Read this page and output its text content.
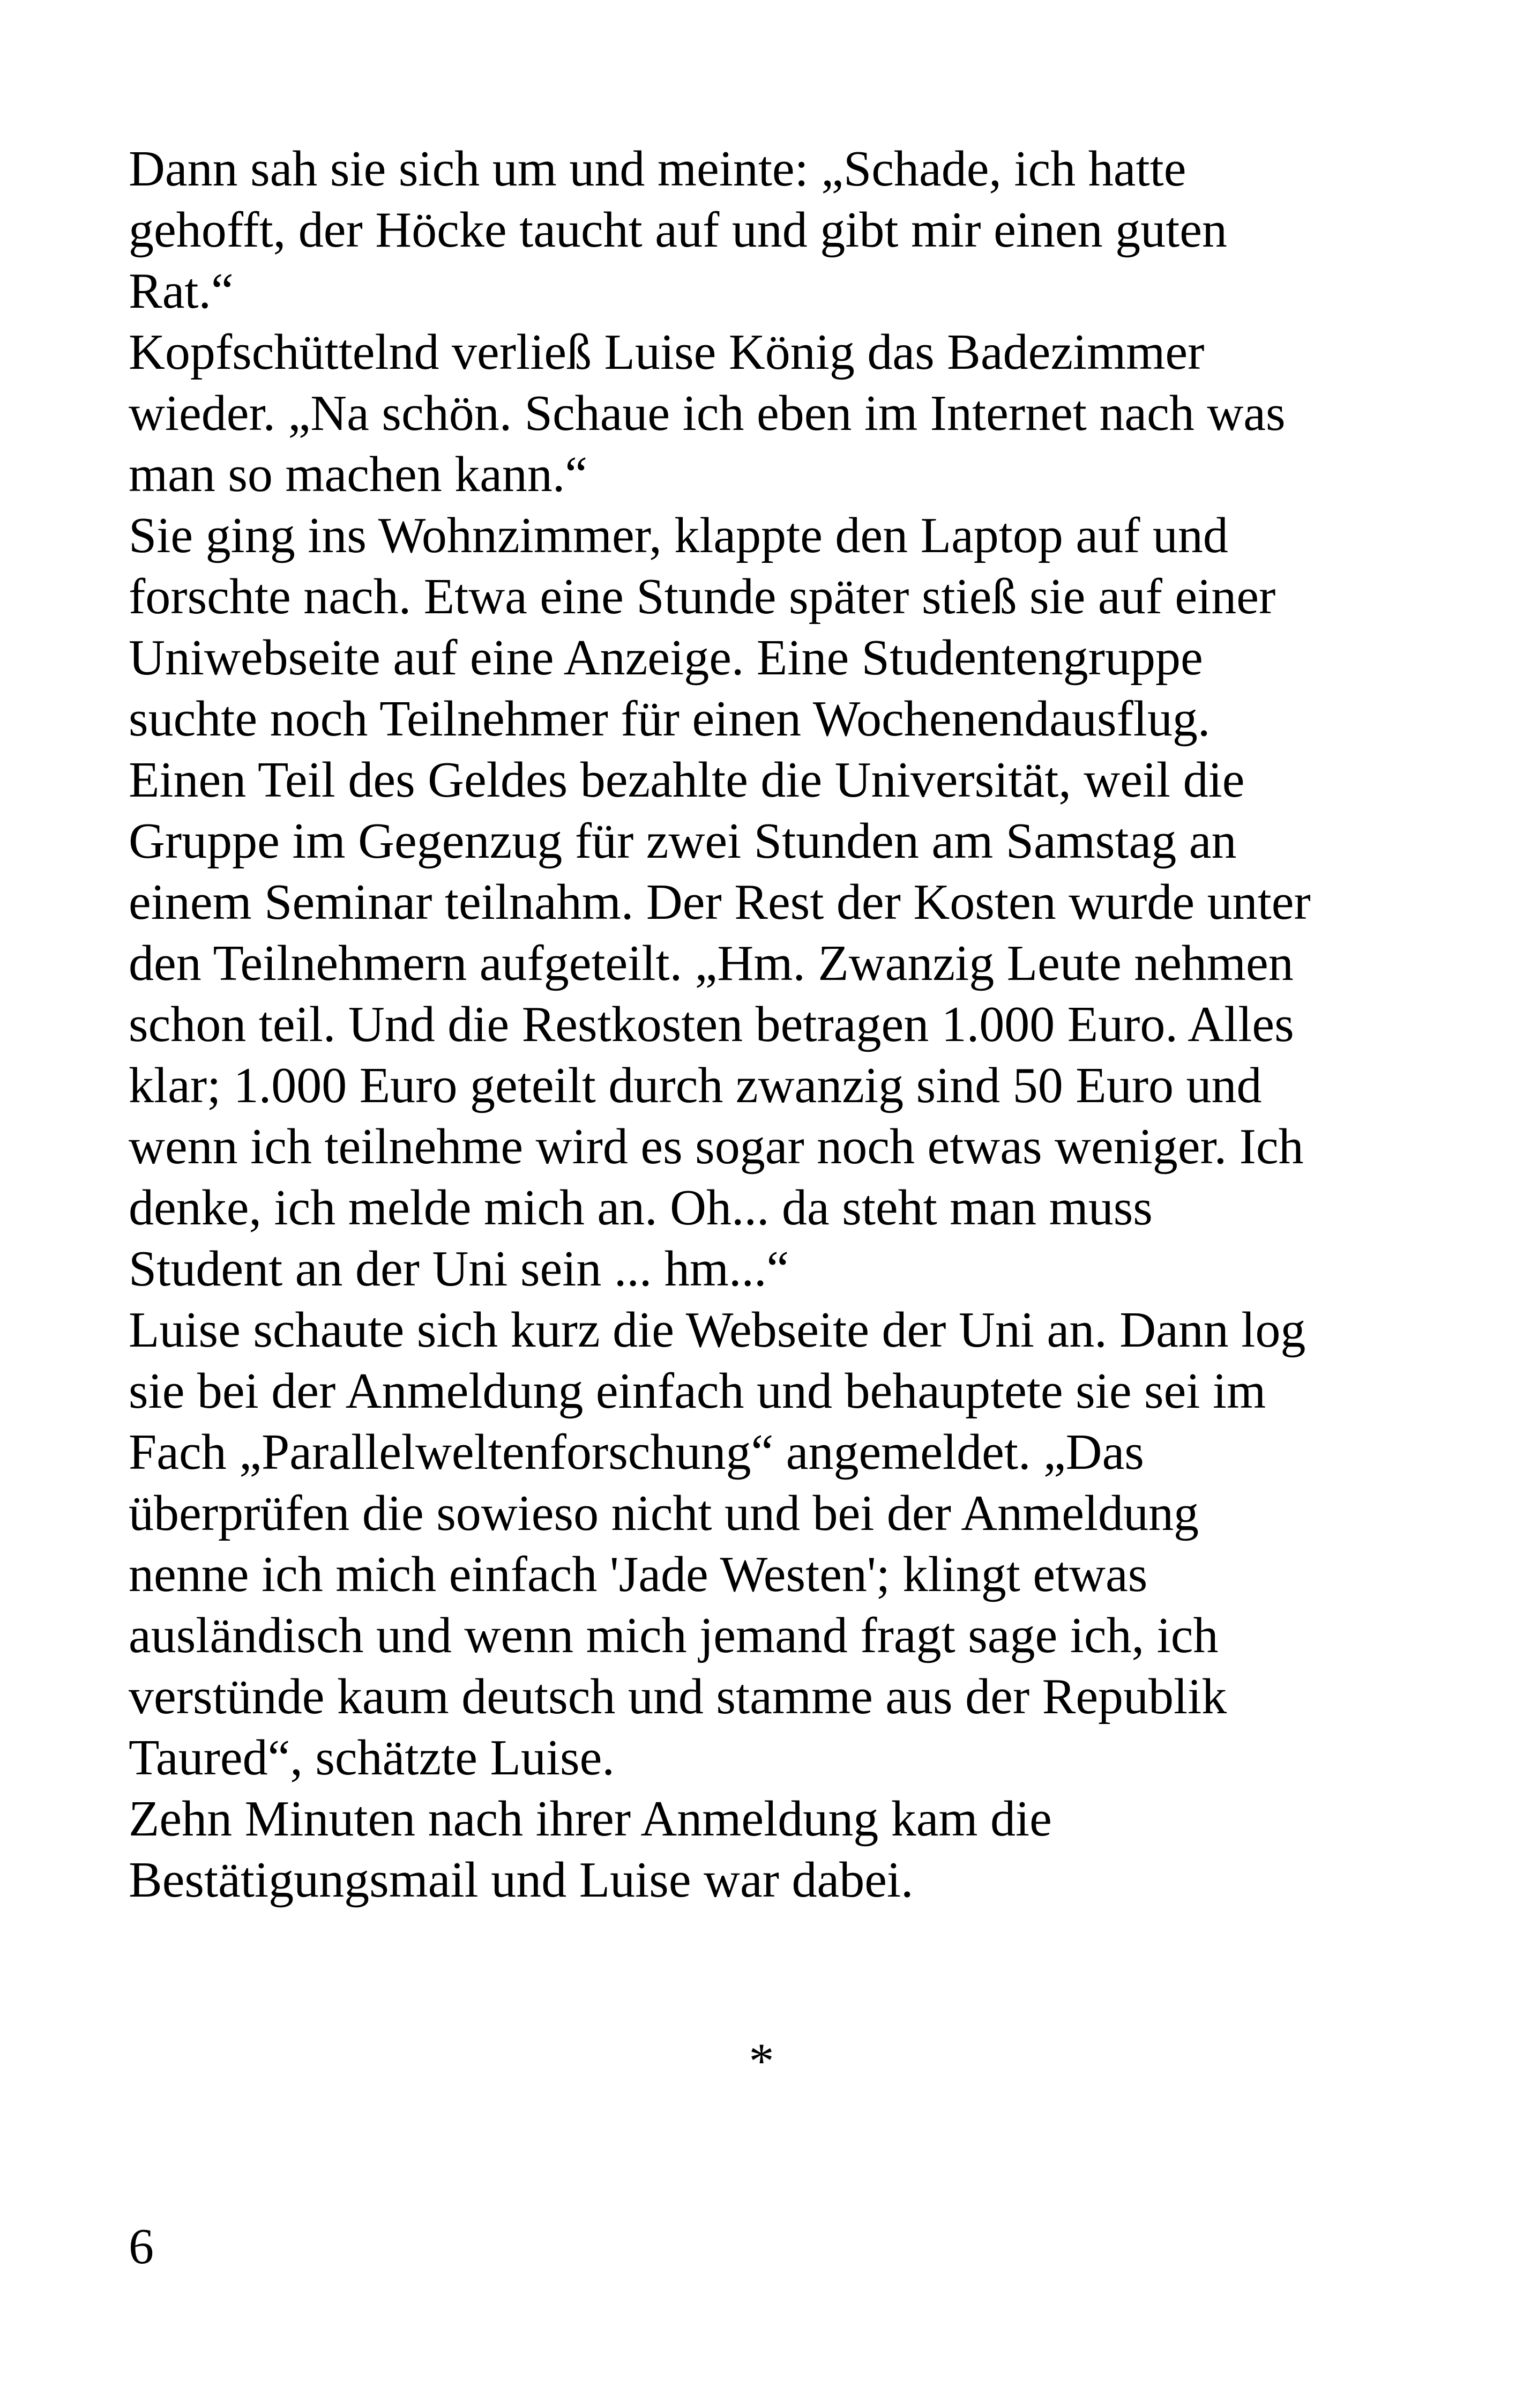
Dann sah sie sich um und meinte: „Schade, ich hatte
gehofft, der Höcke taucht auf und gibt mir einen guten
Rat.“
Kopfschüttelnd verließ Luise König das Badezimmer
wieder. „Na schön. Schaue ich eben im Internet nach was
man so machen kann.“
Sie ging ins Wohnzimmer, klappte den Laptop auf und
forschte nach. Etwa eine Stunde später stieß sie auf einer
Uniwebseite auf eine Anzeige. Eine Studentengruppe
suchte noch Teilnehmer für einen Wochenendausflug.
Einen Teil des Geldes bezahlte die Universität, weil die
Gruppe im Gegenzug für zwei Stunden am Samstag an
einem Seminar teilnahm. Der Rest der Kosten wurde unter
den Teilnehmern aufgeteilt. „Hm. Zwanzig Leute nehmen
schon teil. Und die Restkosten betragen 1.000 Euro. Alles
klar; 1.000 Euro geteilt durch zwanzig sind 50 Euro und
wenn ich teilnehme wird es sogar noch etwas weniger. Ich
denke, ich melde mich an. Oh... da steht man muss
Student an der Uni sein ... hm...“
Luise schaute sich kurz die Webseite der Uni an. Dann log
sie bei der Anmeldung einfach und behauptete sie sei im
Fach „Parallelweltenforschung“ angemeldet. „Das
überprüfen die sowieso nicht und bei der Anmeldung
nenne ich mich einfach 'Jade Westen'; klingt etwas
ausländisch und wenn mich jemand fragt sage ich, ich
verstünde kaum deutsch und stamme aus der Republik
Taured“, schätzte Luise.
Zehn Minuten nach ihrer Anmeldung kam die
Bestätigungsmail und Luise war dabei.
*
6
